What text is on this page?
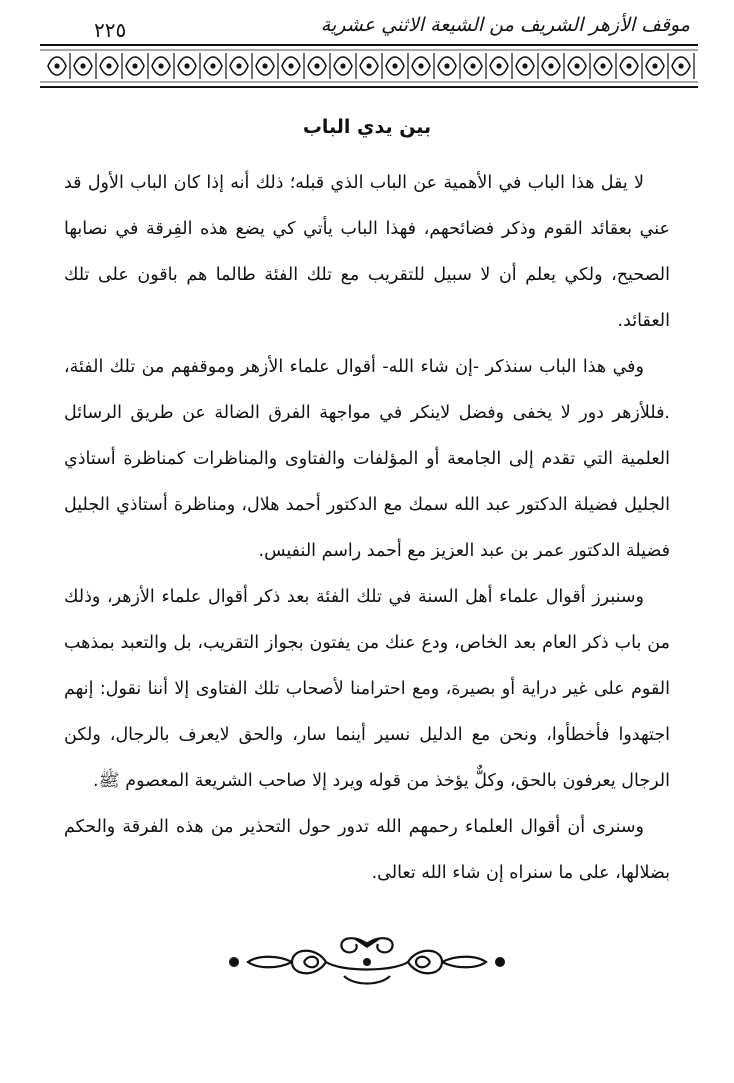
موقف الأزهر الشريف من الشيعة الاثني عشرية
٢٢٥
بين يدي الباب

لا يقل هذا الباب في الأهمية عن الباب الذي قبله؛ ذلك أنه إذا كان الباب الأول قد عني بعقائد القوم وذكر فضائحهم، فهذا الباب يأتي كي يضع هذه الفِرقة في نصابها الصحيح، ولكي يعلم أن لا سبيل للتقريب مع تلك الفئة طالما هم باقون على تلك العقائد.

وفي هذا الباب سنذكر -إن شاء الله- أقوال علماء الأزهر وموقفهم من تلك الفئة، .فللأزهر دور لا يخفى وفضل لاينكر في مواجهة الفرق الضالة عن طريق الرسائل العلمية التي تقدم إلى الجامعة أو المؤلفات والفتاوى والمناظرات كمناظرة أستاذي الجليل فضيلة الدكتور عبد الله سمك مع الدكتور أحمد هلال، ومناظرة أستاذي الجليل فضيلة الدكتور عمر بن عبد العزيز مع أحمد راسم النفيس.

وسنبرز أقوال علماء أهل السنة في تلك الفئة بعد ذكر أقوال علماء الأزهر، وذلك من باب ذكر العام بعد الخاص، ودع عنك من يفتون بجواز التقريب، بل والتعبد بمذهب القوم على غير دراية أو بصيرة، ومع احترامنا لأصحاب تلك الفتاوى إلا أننا نقول: إنهم اجتهدوا فأخطأوا، ونحن مع الدليل نسير أينما سار، والحق لايعرف بالرجال، ولكن الرجال يعرفون بالحق، وكلٌّ يؤخذ من قوله ويرد إلا صاحب الشريعة المعصوم ﷺ.

وسنرى أن أقوال العلماء رحمهم الله تدور حول التحذير من هذه الفرقة والحكم بضلالها، على ما سنراه إن شاء الله تعالى.
